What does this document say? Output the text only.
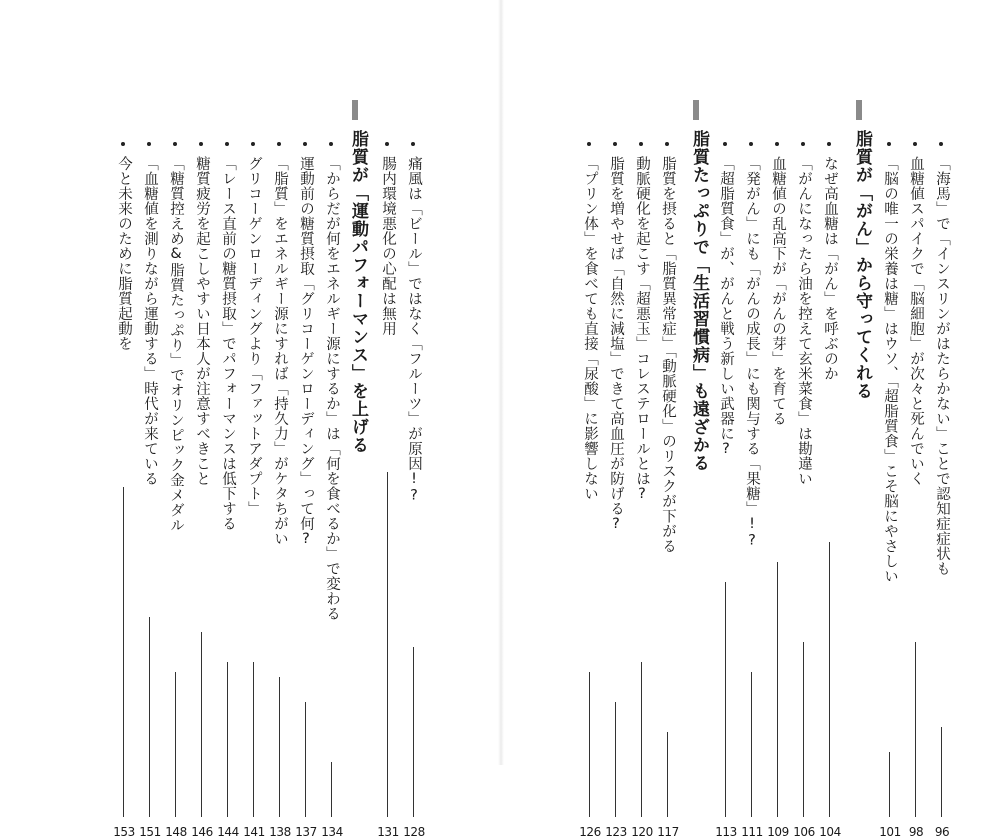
「海馬」で「インスリンがはたらかない」ことで認知症症状も
96
血糖値スパイクで「脳細胞」が次々と死んでいく
98
「脳の唯一の栄養は糖」はウソ、「超脂質食」こそ脳にやさしい
101
脂質が「がん」から守ってくれる
なぜ高血糖は「がん」を呼ぶのか
104
「がんになったら油を控えて玄米菜食」は勘違い
106
血糖値の乱高下が「がんの芽」を育てる
109
「発がん」にも「がんの成長」にも関与する「果糖」!?
111
「超脂質食」が、がんと戦う新しい武器に?
113
脂質たっぷりで「生活習慣病」も遠ざかる
脂質を摂ると「脂質異常症」「動脈硬化」のリスクが下がる
117
動脈硬化を起こす「超悪玉」コレステロールとは?
120
脂質を増やせば「自然に減塩」できて高血圧が防げる?
123
「プリン体」を食べても直接「尿酸」に影響しない
126
痛風は「ビール」ではなく「フルーツ」が原因!?
128
腸内環境悪化の心配は無用
131
脂質が「運動パフォーマンス」を上げる
「からだが何をエネルギー源にするか」は「何を食べるか」で変わる
134
運動前の糖質摂取「グリコーゲンローディング」って何?
137
「脂質」をエネルギー源にすれば「持久力」がケタちがい
138
グリコーゲンローディングより「ファットアダプト」
141
「レース直前の糖質摂取」でパフォーマンスは低下する
144
糖質疲労を起こしやすい日本人が注意すべきこと
146
「糖質控えめ&脂質たっぷり」でオリンピック金メダル
148
「血糖値を測りながら運動する」時代が来ている
151
今と未来のために脂質起動を
153
